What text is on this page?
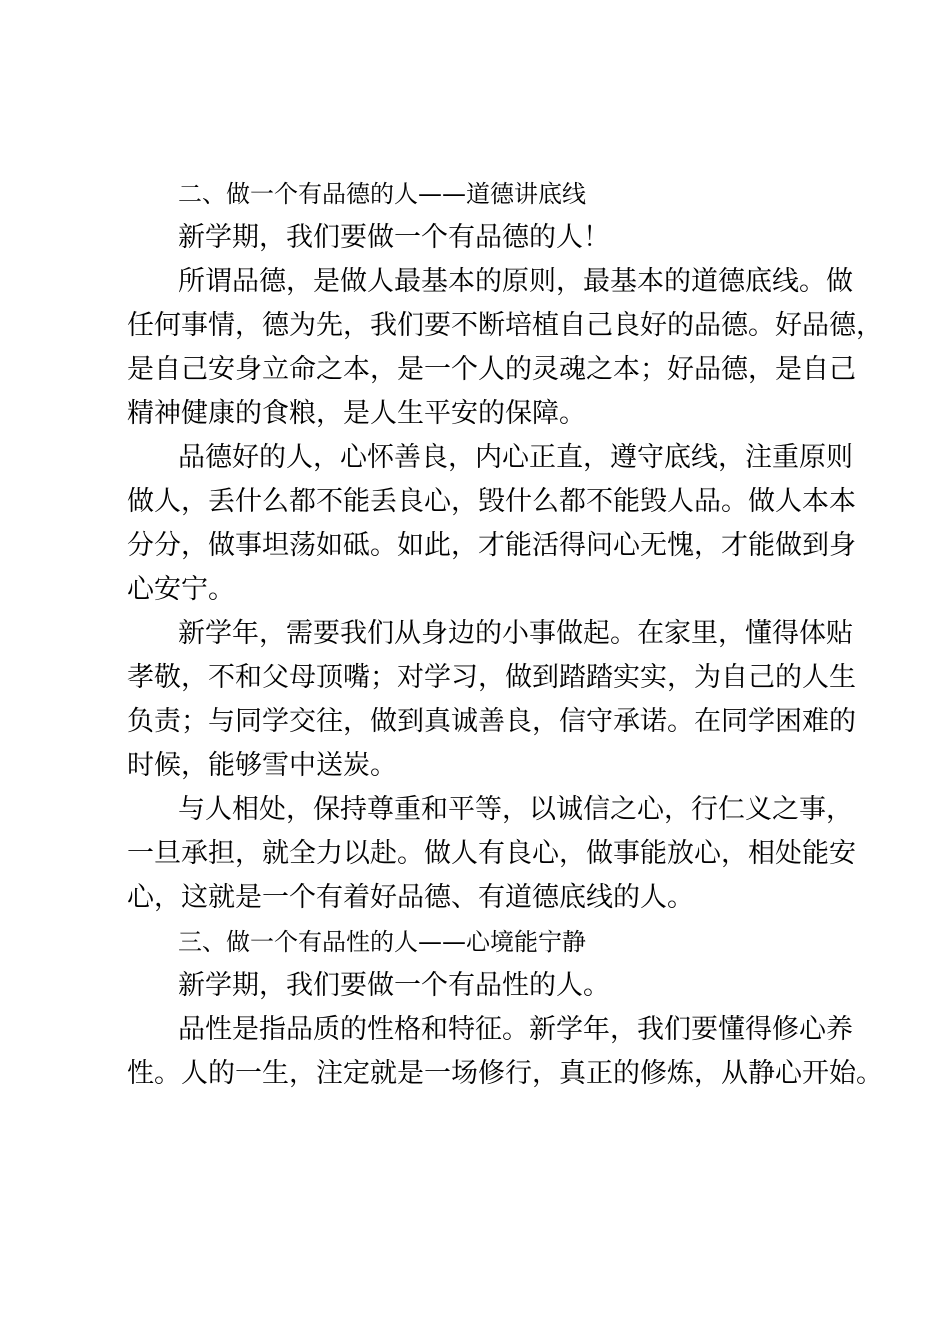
二、做一个有品德的人——道德讲底线

新学期，我们要做一个有品德的人！

所谓品德，是做人最基本的原则，最基本的道德底线。做
任何事情，德为先，我们要不断培植自己良好的品德。好品德，
是自己安身立命之本，是一个人的灵魂之本；好品德，是自己
精神健康的食粮，是人生平安的保障。

品德好的人，心怀善良，内心正直，遵守底线，注重原则
做人，丢什么都不能丢良心，毁什么都不能毁人品。做人本本
分分，做事坦荡如砥。如此，才能活得问心无愧，才能做到身
心安宁。

新学年，需要我们从身边的小事做起。在家里，懂得体贴
孝敬，不和父母顶嘴；对学习，做到踏踏实实，为自己的人生
负责；与同学交往，做到真诚善良，信守承诺。在同学困难的
时候，能够雪中送炭。

与人相处，保持尊重和平等，以诚信之心，行仁义之事，
一旦承担，就全力以赴。做人有良心，做事能放心，相处能安
心，这就是一个有着好品德、有道德底线的人。

三、做一个有品性的人——心境能宁静

新学期，我们要做一个有品性的人。

品性是指品质的性格和特征。新学年，我们要懂得修心养
性。人的一生，注定就是一场修行，真正的修炼，从静心开始。
